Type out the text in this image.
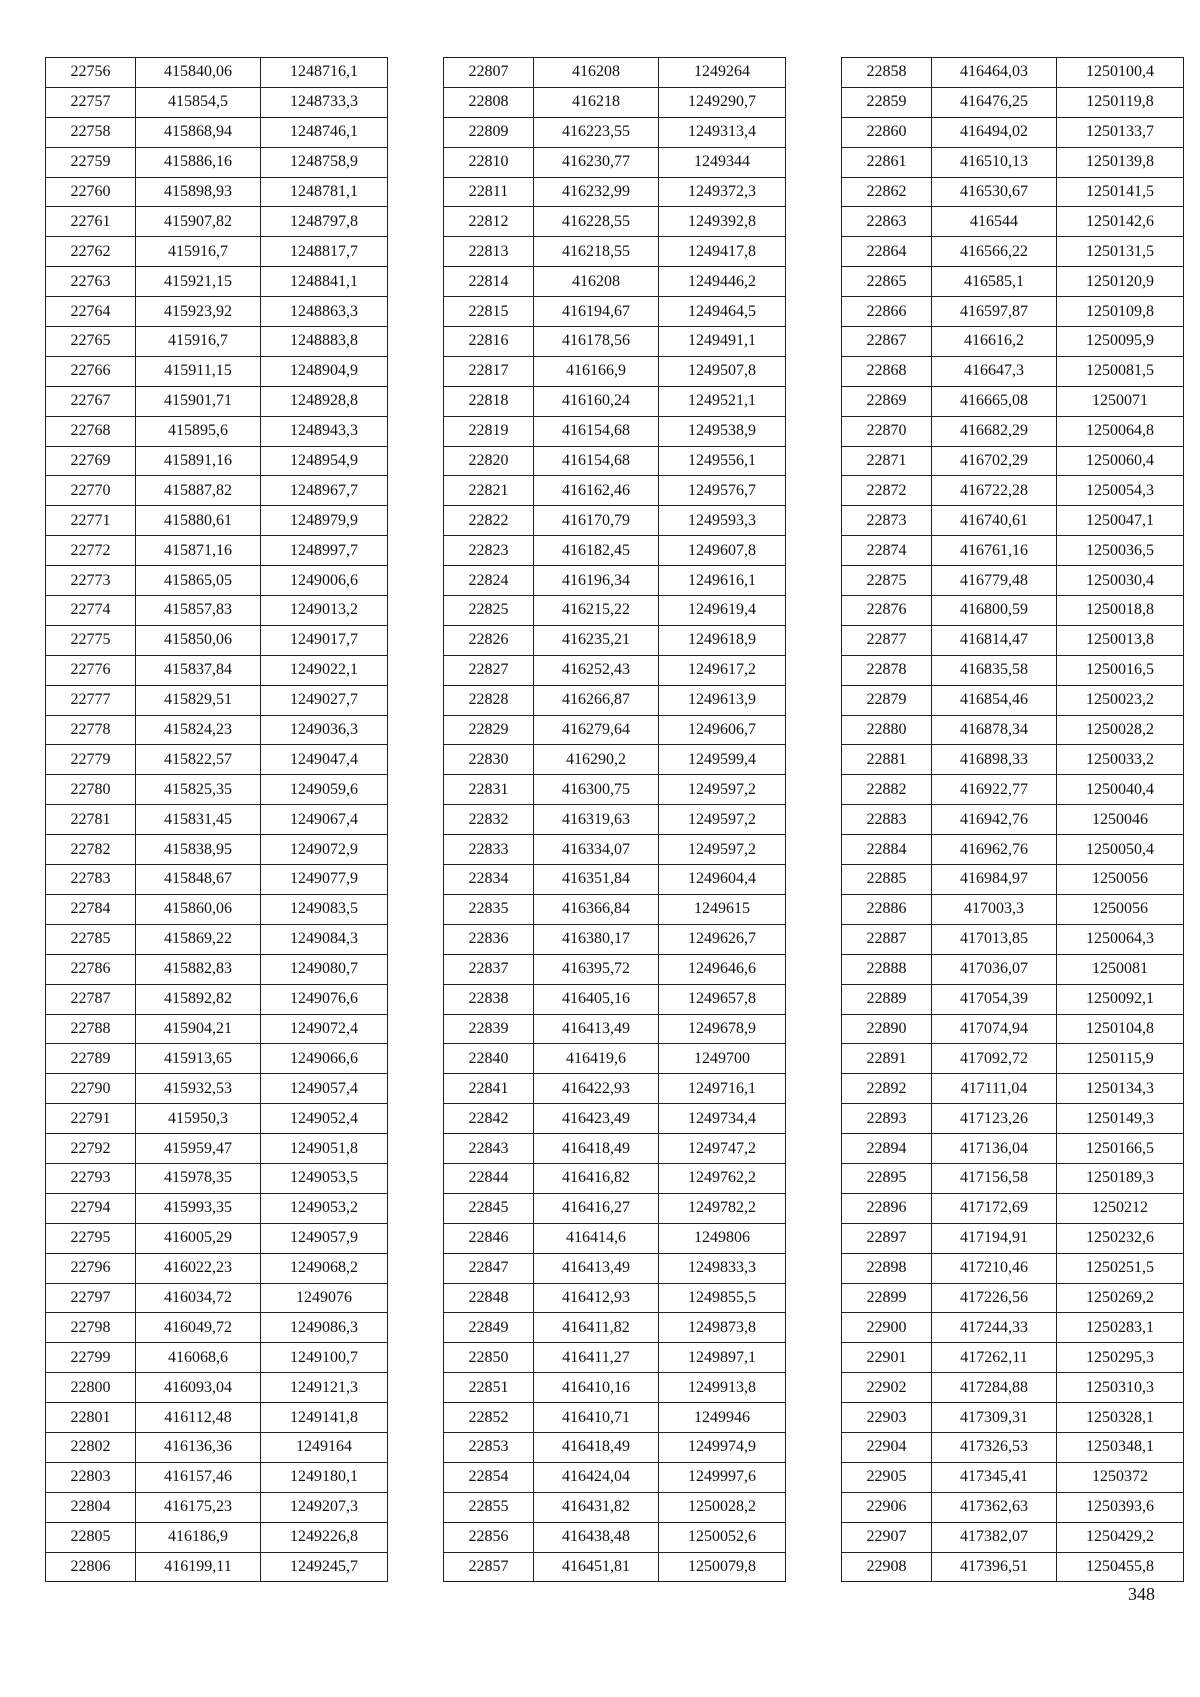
22756	415840,06	1248716,1
22757	415854,5	1248733,3
22758	415868,94	1248746,1
22759	415886,16	1248758,9
22760	415898,93	1248781,1
22761	415907,82	1248797,8
22762	415916,7	1248817,7
22763	415921,15	1248841,1
22764	415923,92	1248863,3
22765	415916,7	1248883,8
22766	415911,15	1248904,9
22767	415901,71	1248928,8
22768	415895,6	1248943,3
22769	415891,16	1248954,9
22770	415887,82	1248967,7
22771	415880,61	1248979,9
22772	415871,16	1248997,7
22773	415865,05	1249006,6
22774	415857,83	1249013,2
22775	415850,06	1249017,7
22776	415837,84	1249022,1
22777	415829,51	1249027,7
22778	415824,23	1249036,3
22779	415822,57	1249047,4
22780	415825,35	1249059,6
22781	415831,45	1249067,4
22782	415838,95	1249072,9
22783	415848,67	1249077,9
22784	415860,06	1249083,5
22785	415869,22	1249084,3
22786	415882,83	1249080,7
22787	415892,82	1249076,6
22788	415904,21	1249072,4
22789	415913,65	1249066,6
22790	415932,53	1249057,4
22791	415950,3	1249052,4
22792	415959,47	1249051,8
22793	415978,35	1249053,5
22794	415993,35	1249053,2
22795	416005,29	1249057,9
22796	416022,23	1249068,2
22797	416034,72	1249076
22798	416049,72	1249086,3
22799	416068,6	1249100,7
22800	416093,04	1249121,3
22801	416112,48	1249141,8
22802	416136,36	1249164
22803	416157,46	1249180,1
22804	416175,23	1249207,3
22805	416186,9	1249226,8
22806	416199,11	1249245,7
22807	416208	1249264
22808	416218	1249290,7
22809	416223,55	1249313,4
22810	416230,77	1249344
22811	416232,99	1249372,3
22812	416228,55	1249392,8
22813	416218,55	1249417,8
22814	416208	1249446,2
22815	416194,67	1249464,5
22816	416178,56	1249491,1
22817	416166,9	1249507,8
22818	416160,24	1249521,1
22819	416154,68	1249538,9
22820	416154,68	1249556,1
22821	416162,46	1249576,7
22822	416170,79	1249593,3
22823	416182,45	1249607,8
22824	416196,34	1249616,1
22825	416215,22	1249619,4
22826	416235,21	1249618,9
22827	416252,43	1249617,2
22828	416266,87	1249613,9
22829	416279,64	1249606,7
22830	416290,2	1249599,4
22831	416300,75	1249597,2
22832	416319,63	1249597,2
22833	416334,07	1249597,2
22834	416351,84	1249604,4
22835	416366,84	1249615
22836	416380,17	1249626,7
22837	416395,72	1249646,6
22838	416405,16	1249657,8
22839	416413,49	1249678,9
22840	416419,6	1249700
22841	416422,93	1249716,1
22842	416423,49	1249734,4
22843	416418,49	1249747,2
22844	416416,82	1249762,2
22845	416416,27	1249782,2
22846	416414,6	1249806
22847	416413,49	1249833,3
22848	416412,93	1249855,5
22849	416411,82	1249873,8
22850	416411,27	1249897,1
22851	416410,16	1249913,8
22852	416410,71	1249946
22853	416418,49	1249974,9
22854	416424,04	1249997,6
22855	416431,82	1250028,2
22856	416438,48	1250052,6
22857	416451,81	1250079,8
22858	416464,03	1250100,4
22859	416476,25	1250119,8
22860	416494,02	1250133,7
22861	416510,13	1250139,8
22862	416530,67	1250141,5
22863	416544	1250142,6
22864	416566,22	1250131,5
22865	416585,1	1250120,9
22866	416597,87	1250109,8
22867	416616,2	1250095,9
22868	416647,3	1250081,5
22869	416665,08	1250071
22870	416682,29	1250064,8
22871	416702,29	1250060,4
22872	416722,28	1250054,3
22873	416740,61	1250047,1
22874	416761,16	1250036,5
22875	416779,48	1250030,4
22876	416800,59	1250018,8
22877	416814,47	1250013,8
22878	416835,58	1250016,5
22879	416854,46	1250023,2
22880	416878,34	1250028,2
22881	416898,33	1250033,2
22882	416922,77	1250040,4
22883	416942,76	1250046
22884	416962,76	1250050,4
22885	416984,97	1250056
22886	417003,3	1250056
22887	417013,85	1250064,3
22888	417036,07	1250081
22889	417054,39	1250092,1
22890	417074,94	1250104,8
22891	417092,72	1250115,9
22892	417111,04	1250134,3
22893	417123,26	1250149,3
22894	417136,04	1250166,5
22895	417156,58	1250189,3
22896	417172,69	1250212
22897	417194,91	1250232,6
22898	417210,46	1250251,5
22899	417226,56	1250269,2
22900	417244,33	1250283,1
22901	417262,11	1250295,3
22902	417284,88	1250310,3
22903	417309,31	1250328,1
22904	417326,53	1250348,1
22905	417345,41	1250372
22906	417362,63	1250393,6
22907	417382,07	1250429,2
22908	417396,51	1250455,8
348
